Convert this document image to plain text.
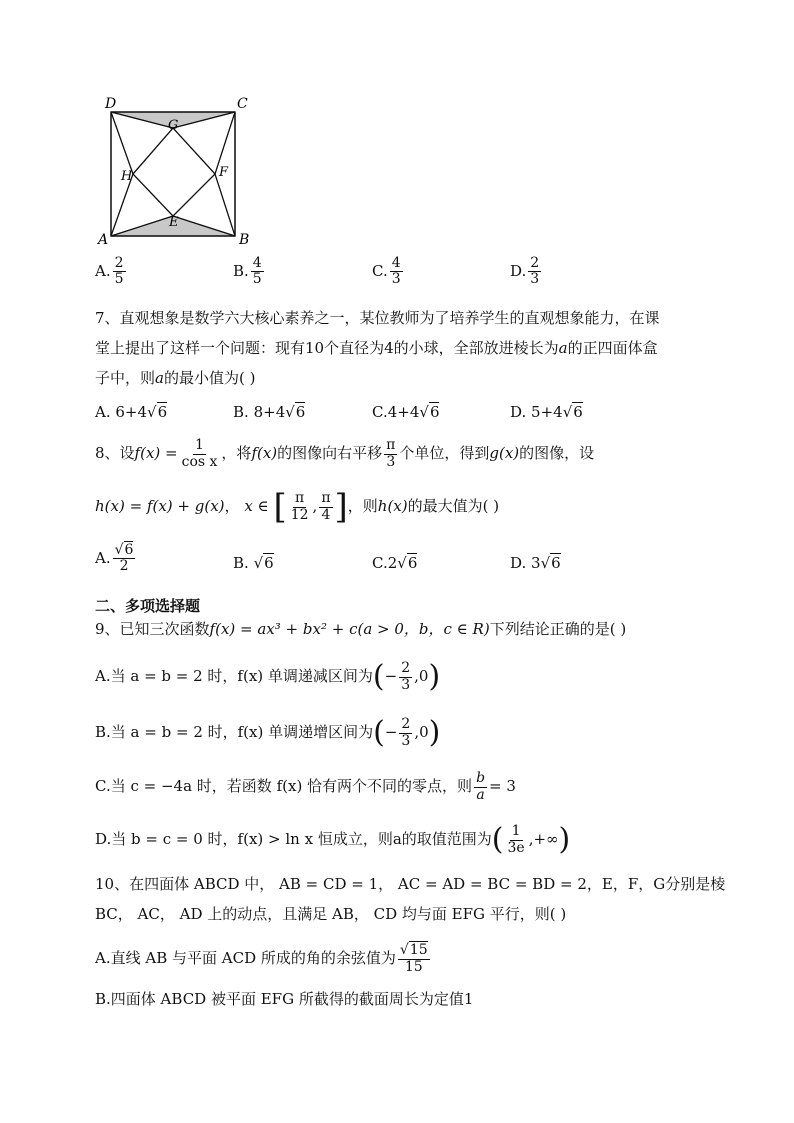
D	C
A	B
G
H	F
E
A. $\frac{2}{5}$	B. $\frac{4}{5}$	C. $\frac{4}{3}$	D. $\frac{2}{3}$
7、直观想象是数学六大核心素养之一，某位教师为了培养学生的直观想象能力，在课
堂上提出了这样一个问题：现有10个直径为4的小球，全部放进棱长为a的正四面体盒
子中，则a的最小值为( )
A. 6+4√6	B. 8+4√6	C.4+4√6	D. 5+4√6
8、设$f(x) = \frac{1}{\text{cos x}}$ ，将f(x)的图像向右平移 $\frac{\pi}{3}$ 个单位，得到g(x)的图像，设
h(x) = f(x) + g(x)， x ∈ [ $\frac{\pi}{12}$ , $\frac{\pi}{4}$ ]，则h(x)的最大值为( )
A. $\frac{√6}{2}$	B. √6	C.2√6	D. 3√6
二、多项选择题
9、已知三次函数f(x) = ax³ + bx² + c(a > 0，b，c ∈ R)下列结论正确的是( )
A.当 a = b = 2 时，f(x) 单调递减区间为(− $\frac{2}{3} ,0$)
B.当 a = b = 2 时，f(x) 单调递增区间为(− $\frac{2}{3} ,0$)
C.当 c = −4a 时，若函数 f(x) 恰有两个不同的零点，则 $\frac{b}{a} = 3$
D.当 b = c = 0 时，f(x) > ln x 恒成立，则a的取值范围为( $\frac{1}{3e}$ ,+∞)
10、在四面体 ABCD 中， AB = CD = 1， AC = AD = BC = BD = 2，E，F，G分别是棱
BC， AC， AD 上的动点，且满足 AB， CD 均与面 EFG 平行，则( )
A.直线 AB 与平面 ACD 所成的角的余弦值为 $\frac{√15}{15}$
B.四面体 ABCD 被平面 EFG 所截得的截面周长为定值1
